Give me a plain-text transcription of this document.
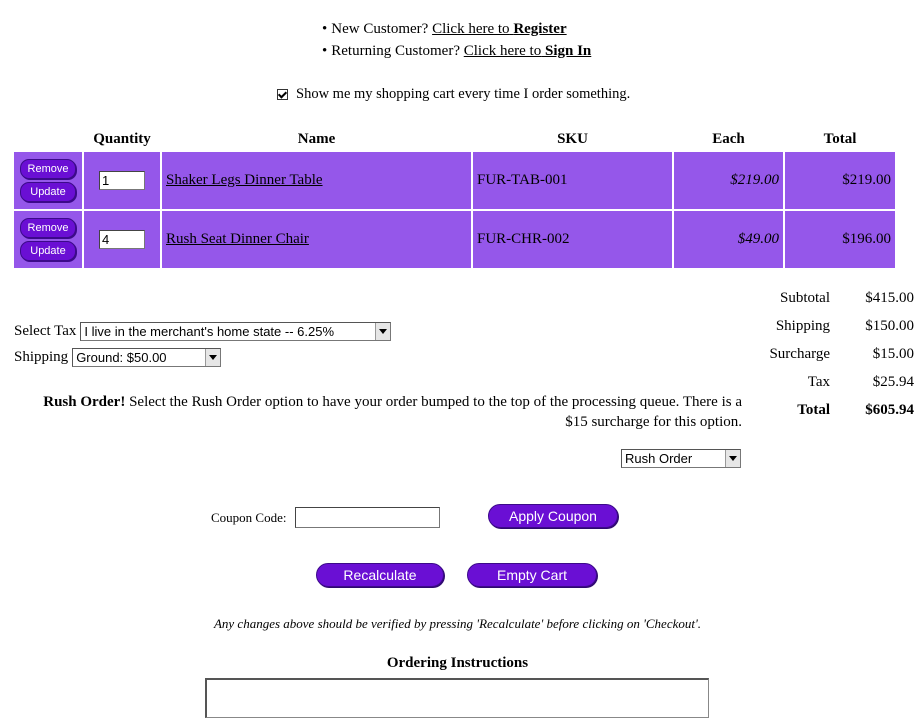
• New Customer? Click here to Register
• Returning Customer? Click here to Sign In
Show me my shopping cart every time I order something.
	Quantity	Name	SKU	Each	Total

Remove
Update	1	Shaker Legs Dinner Table	FUR-TAB-001	$219.00	$219.00

Remove
Update	4	Rush Seat Dinner Chair	FUR-CHR-002	$49.00	$196.00
Subtotal	$415.00
Shipping	$150.00
Surcharge	$15.00
Tax	$25.94
Total	$605.94
Select Tax I live in the merchant's home state -- 6.25%
Shipping Ground: $50.00
Rush Order! Select the Rush Order option to have your order bumped to the top of the processing queue. There is a $15 surcharge for this option.
Rush Order
Coupon Code:	Apply Coupon
Recalculate	Empty Cart
Any changes above should be verified by pressing 'Recalculate' before clicking on 'Checkout'.
Ordering Instructions
